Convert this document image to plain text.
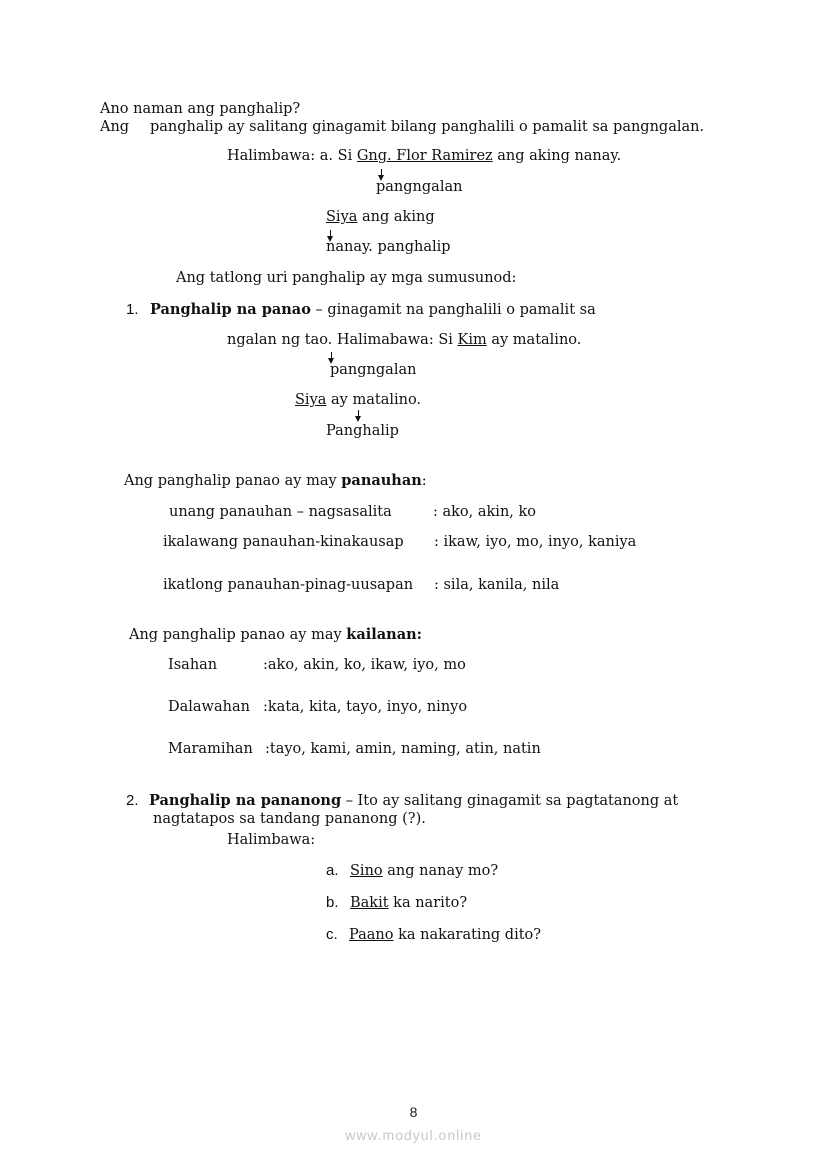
Ano naman ang panghalip?
Ang panghalip ay salitang ginagamit bilang panghalili o pamalit sa pangngalan.
Halimbawa: a. Si Gng. Flor Ramirez ang aking nanay.
pangngalan
Siya ang aking
nanay. panghalip
Ang tatlong uri panghalip ay mga sumusunod:
1. Panghalip na panao – ginagamit na panghalili o pamalit sa
ngalan ng tao. Halimabawa: Si Kim ay matalino.
pangngalan
Siya ay matalino.
Panghalip
Ang panghalip panao ay may panauhan:
unang panauhan – nagsasalita	: ako, akin, ko
ikalawang panauhan-kinakausap : ikaw, iyo, mo, inyo, kaniya
ikatlong panauhan-pinag-uusapan : sila, kanila, nila
Ang panghalip panao ay may kailanan:
Isahan	:ako, akin, ko, ikaw, iyo, mo
Dalawahan :kata, kita, tayo, inyo, ninyo
Maramihan :tayo, kami, amin, naming, atin, natin
2. Panghalip na pananong – Ito ay salitang ginagamit sa pagtatanong at
nagtatapos sa tandang pananong (?).
Halimbawa:
a. Sino ang nanay mo?
b. Bakit ka narito?
c. Paano ka nakarating dito?
8
www.modyul.online
